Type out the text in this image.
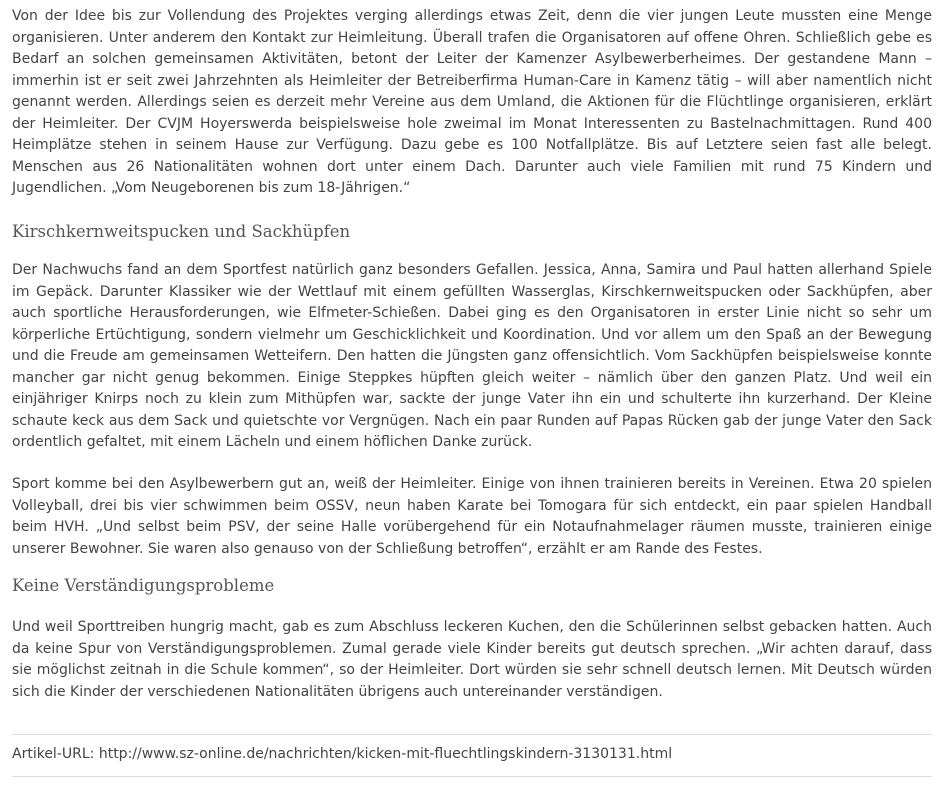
Von der Idee bis zur Vollendung des Projektes verging allerdings etwas Zeit, denn die vier jungen Leute mussten eine Menge organisieren. Unter anderem den Kontakt zur Heimleitung. Überall trafen die Organisatoren auf offene Ohren. Schließlich gebe es Bedarf an solchen gemeinsamen Aktivitäten, betont der Leiter der Kamenzer Asylbewerberheimes. Der gestandene Mann – immerhin ist er seit zwei Jahrzehnten als Heimleiter der Betreiberfirma Human-Care in Kamenz tätig – will aber namentlich nicht genannt werden. Allerdings seien es derzeit mehr Vereine aus dem Umland, die Aktionen für die Flüchtlinge organisieren, erklärt der Heimleiter. Der CVJM Hoyerswerda beispielsweise hole zweimal im Monat Interessenten zu Bastelnachmittagen. Rund 400 Heimplätze stehen in seinem Hause zur Verfügung. Dazu gebe es 100 Notfallplätze. Bis auf Letztere seien fast alle belegt. Menschen aus 26 Nationalitäten wohnen dort unter einem Dach. Darunter auch viele Familien mit rund 75 Kindern und Jugendlichen. „Vom Neugeborenen bis zum 18-Jährigen.“

Kirschkernweitspucken und Sackhüpfen

Der Nachwuchs fand an dem Sportfest natürlich ganz besonders Gefallen. Jessica, Anna, Samira und Paul hatten allerhand Spiele im Gepäck. Darunter Klassiker wie der Wettlauf mit einem gefüllten Wasserglas, Kirschkernweitspucken oder Sackhüpfen, aber auch sportliche Herausforderungen, wie Elfmeter-Schießen. Dabei ging es den Organisatoren in erster Linie nicht so sehr um körperliche Ertüchtigung, sondern vielmehr um Geschicklichkeit und Koordination. Und vor allem um den Spaß an der Bewegung und die Freude am gemeinsamen Wetteifern. Den hatten die Jüngsten ganz offensichtlich. Vom Sackhüpfen beispielsweise konnte mancher gar nicht genug bekommen. Einige Steppkes hüpften gleich weiter – nämlich über den ganzen Platz. Und weil ein einjähriger Knirps noch zu klein zum Mithüpfen war, sackte der junge Vater ihn ein und schulterte ihn kurzerhand. Der Kleine schaute keck aus dem Sack und quietschte vor Vergnügen. Nach ein paar Runden auf Papas Rücken gab der junge Vater den Sack ordentlich gefaltet, mit einem Lächeln und einem höflichen Danke zurück.

Sport komme bei den Asylbewerbern gut an, weiß der Heimleiter. Einige von ihnen trainieren bereits in Vereinen. Etwa 20 spielen Volleyball, drei bis vier schwimmen beim OSSV, neun haben Karate bei Tomogara für sich entdeckt, ein paar spielen Handball beim HVH. „Und selbst beim PSV, der seine Halle vorübergehend für ein Notaufnahmelager räumen musste, trainieren einige unserer Bewohner. Sie waren also genauso von der Schließung betroffen“, erzählt er am Rande des Festes.

Keine Verständigungsprobleme

Und weil Sporttreiben hungrig macht, gab es zum Abschluss leckeren Kuchen, den die Schülerinnen selbst gebacken hatten. Auch da keine Spur von Verständigungsproblemen. Zumal gerade viele Kinder bereits gut deutsch sprechen. „Wir achten darauf, dass sie möglichst zeitnah in die Schule kommen“, so der Heimleiter. Dort würden sie sehr schnell deutsch lernen. Mit Deutsch würden sich die Kinder der verschiedenen Nationalitäten übrigens auch untereinander verständigen.

Artikel-URL: http://www.sz-online.de/nachrichten/kicken-mit-fluechtlingskindern-3130131.html
